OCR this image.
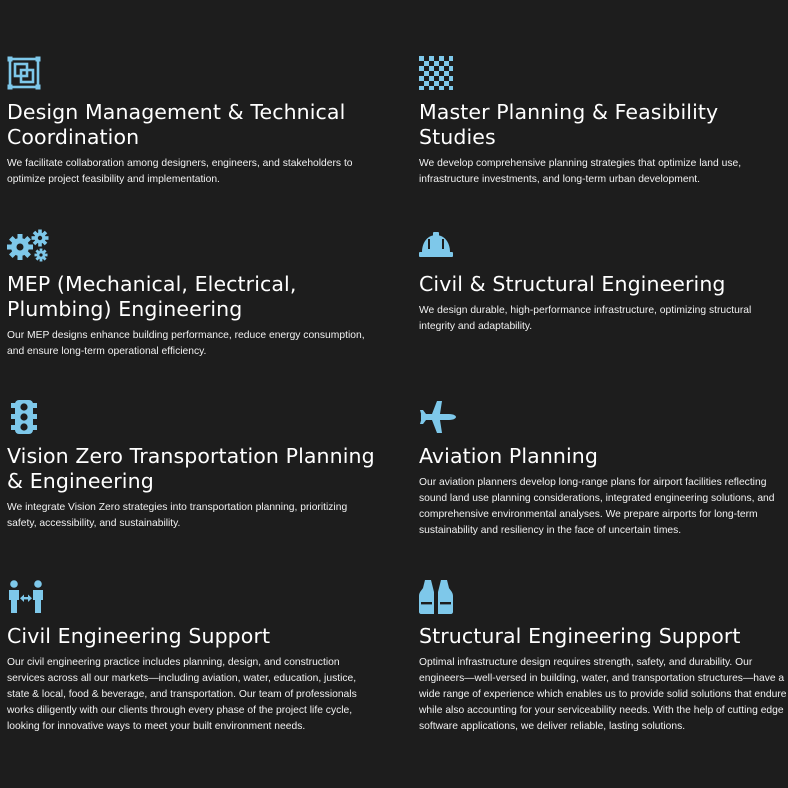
Design Management & Technical Coordination

We facilitate collaboration among designers, engineers, and stakeholders to optimize project feasibility and implementation.

Master Planning & Feasibility Studies

We develop comprehensive planning strategies that optimize land use, infrastructure investments, and long-term urban development.

MEP (Mechanical, Electrical, Plumbing) Engineering

Our MEP designs enhance building performance, reduce energy consumption, and ensure long-term operational efficiency.

Civil & Structural Engineering

We design durable, high-performance infrastructure, optimizing structural integrity and adaptability.

Vision Zero Transportation Planning & Engineering

We integrate Vision Zero strategies into transportation planning, prioritizing safety, accessibility, and sustainability.

Aviation Planning

Our aviation planners develop long-range plans for airport facilities reflecting sound land use planning considerations, integrated engineering solutions, and comprehensive environmental analyses. We prepare airports for long-term sustainability and resiliency in the face of uncertain times.

Civil Engineering Support

Our civil engineering practice includes planning, design, and construction services across all our markets—including aviation, water, education, justice, state & local, food & beverage, and transportation. Our team of professionals works diligently with our clients through every phase of the project life cycle, looking for innovative ways to meet your built environment needs.

Structural Engineering Support

Optimal infrastructure design requires strength, safety, and durability. Our engineers—well-versed in building, water, and transportation structures—have a wide range of experience which enables us to provide solid solutions that endure while also accounting for your serviceability needs. With the help of cutting edge software applications, we deliver reliable, lasting solutions.
